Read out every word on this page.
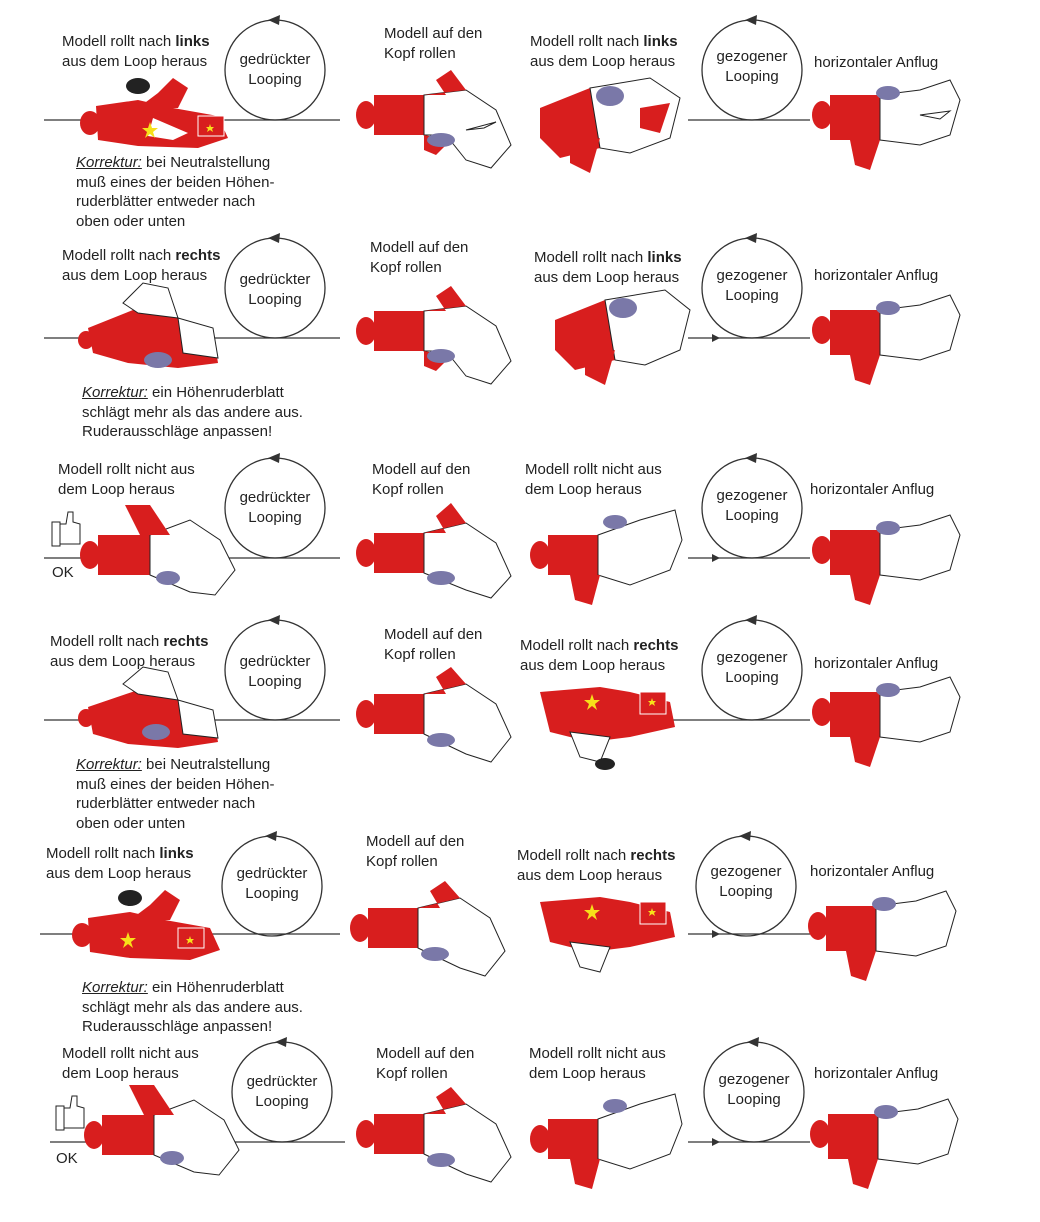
Modell rollt nach links
aus dem Loop heraus	gedrückter
Looping
Modell auf den
Kopf rollen
Modell rollt nach links
aus dem Loop heraus	gezogener
Looping
horizontaler Anflug
Korrektur: bei Neutralstellung
muß eines der beiden Höhen-
ruderblätter entweder nach
oben oder unten
Modell rollt nach rechts
aus dem Loop heraus	gedrückter
Looping
Modell auf den
Kopf rollen
Modell rollt nach links
aus dem Loop heraus	gezogener
Looping
horizontaler Anflug
Korrektur: ein Höhenruderblatt
schlägt mehr als das andere aus.
Ruderausschläge anpassen!
Modell rollt nicht aus
dem Loop heraus	gedrückter
Looping
Modell auf den
Kopf rollen
Modell rollt nicht aus
dem Loop heraus	gezogener
Looping
horizontaler Anflug
OK
Modell rollt nach rechts
aus dem Loop heraus	gedrückter
Looping
Modell auf den
Kopf rollen
Modell rollt nach rechts
aus dem Loop heraus	gezogener
Looping
horizontaler Anflug
Korrektur: bei Neutralstellung
muß eines der beiden Höhen-
ruderblätter entweder nach
oben oder unten
Modell rollt nach links
aus dem Loop heraus	gedrückter
Looping
Modell auf den
Kopf rollen	Modell rollt nach rechts
aus dem Loop heraus	gezogener
Looping
horizontaler Anflug
Korrektur: ein Höhenruderblatt
schlägt mehr als das andere aus.
Ruderausschläge anpassen!
Modell rollt nicht aus
dem Loop heraus	gedrückter
Looping
Modell auf den
Kopf rollen
Modell rollt nicht aus
dem Loop heraus	gezogener
Looping
horizontaler Anflug
OK
